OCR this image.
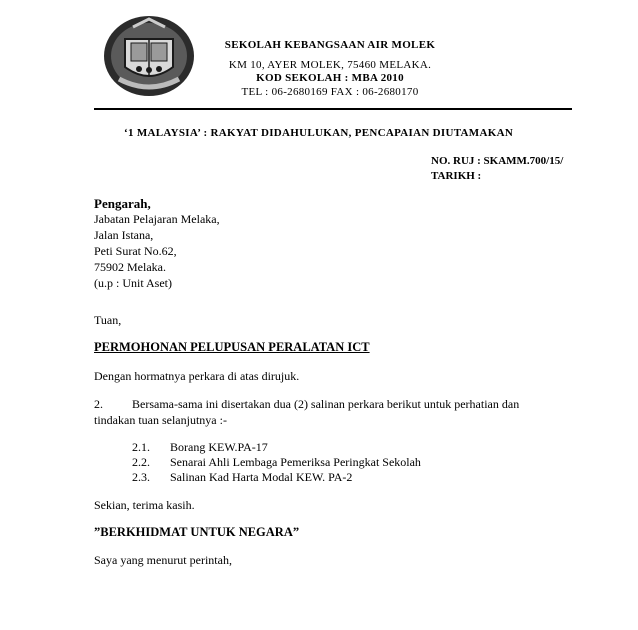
SEKOLAH KEBANGSAAN AIR MOLEK
KM 10, AYER MOLEK, 75460 MELAKA.
KOD SEKOLAH : MBA 2010
TEL : 06-2680169 FAX : 06-2680170
‘1 MALAYSIA’ : RAKYAT DIDAHULUKAN, PENCAPAIAN DIUTAMAKAN
NO. RUJ : SKAMM.700/15/
TARIKH :
Pengarah,
Jabatan Pelajaran Melaka,
Jalan Istana,
Peti Surat No.62,
75902 Melaka.
(u.p : Unit Aset)
Tuan,
PERMOHONAN PELUPUSAN PERALATAN ICT
Dengan hormatnya perkara di atas dirujuk.
2. Bersama-sama ini disertakan dua (2) salinan perkara berikut untuk perhatian dan
tindakan tuan selanjutnya :-
2.1. Borang KEW.PA-17
2.2. Senarai Ahli Lembaga Pemeriksa Peringkat Sekolah
2.3. Salinan Kad Harta Modal KEW. PA-2
Sekian, terima kasih.
”BERKHIDMAT UNTUK NEGARA”
Saya yang menurut perintah,
